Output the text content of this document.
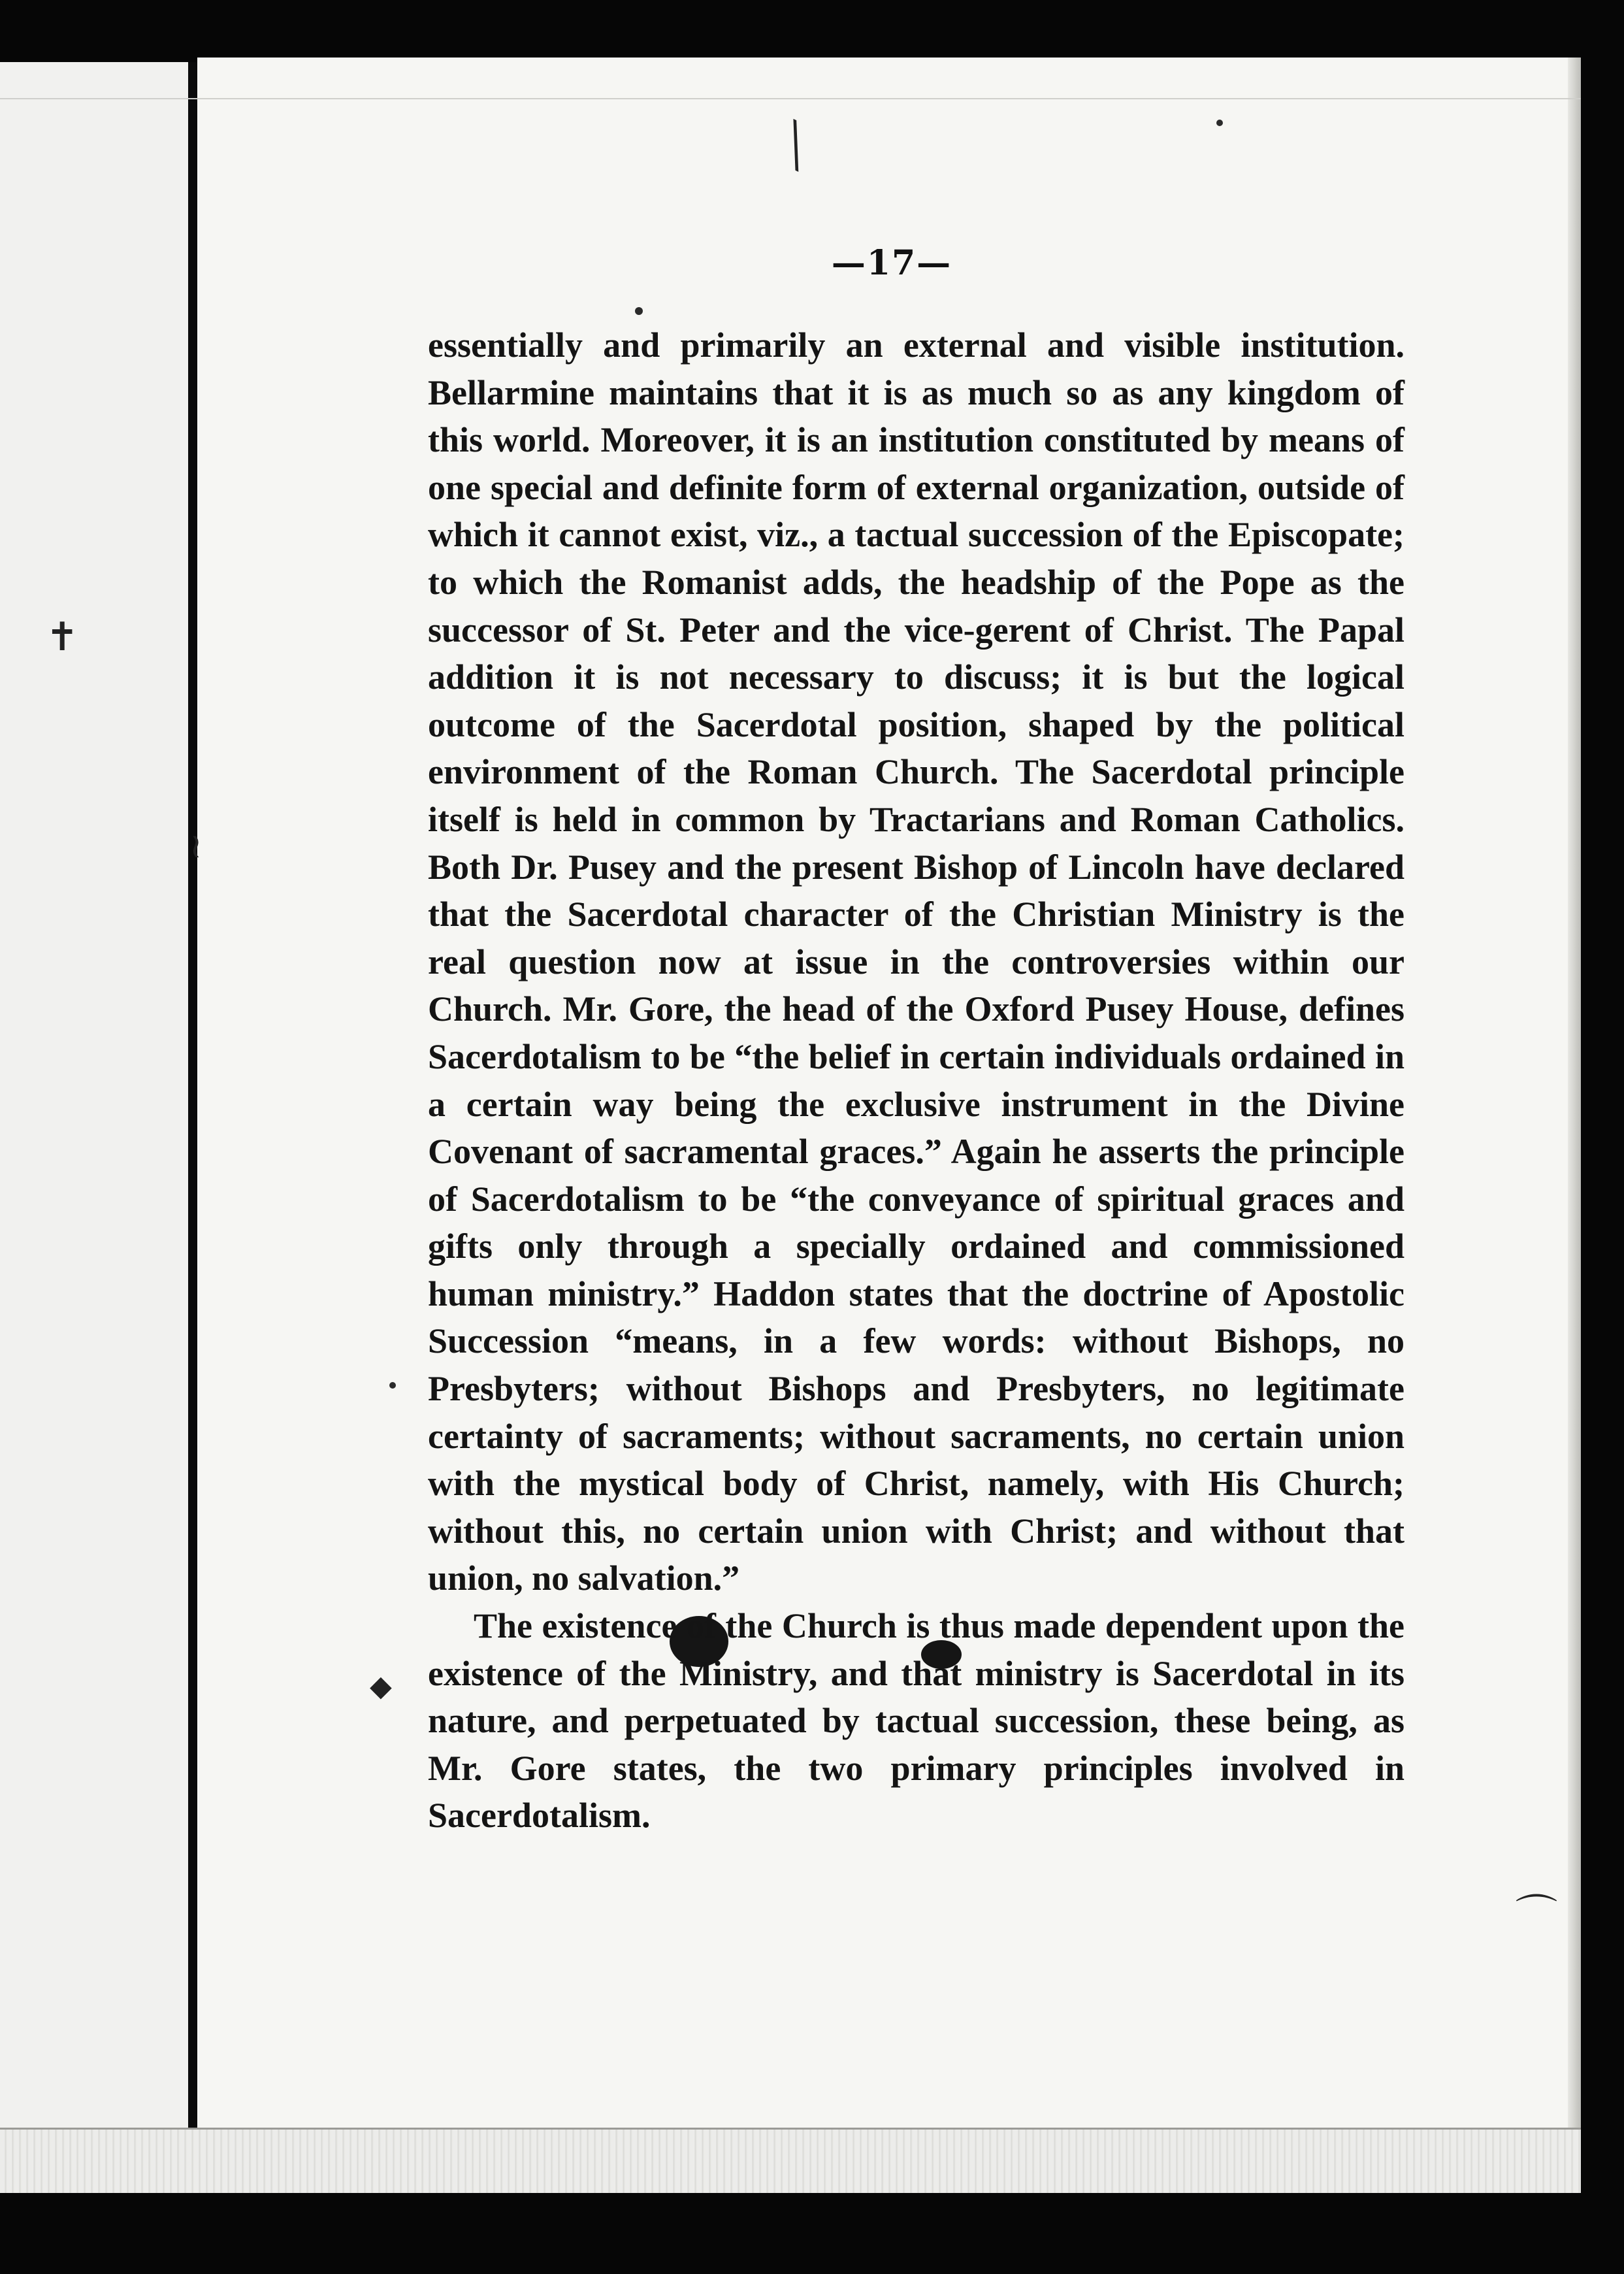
╲
✝
≀
◆
⌒
—17—

essentially and primarily an external and visible institution. Bellarmine maintains that it is as much so as any kingdom of this world. Moreover, it is an institution constituted by means of one special and definite form of external organization, outside of which it cannot exist, viz., a tactual succession of the Episcopate; to which the Romanist adds, the headship of the Pope as the successor of St. Peter and the vice-gerent of Christ. The Papal addition it is not necessary to discuss; it is but the logical outcome of the Sacerdotal position, shaped by the political environment of the Roman Church. The Sacerdotal principle itself is held in common by Tractarians and Roman Catholics. Both Dr. Pusey and the present Bishop of Lincoln have declared that the Sacerdotal character of the Christian Ministry is the real question now at issue in the controversies within our Church. Mr. Gore, the head of the Oxford Pusey House, defines Sacerdotalism to be “the belief in certain individuals ordained in a certain way being the exclusive instrument in the Divine Covenant of sacramental graces.” Again he asserts the principle of Sacerdotalism to be “the conveyance of spiritual graces and gifts only through a specially ordained and commissioned human ministry.” Haddon states that the doctrine of Apostolic Succession “means, in a few words: without Bishops, no Presbyters; without Bishops and Presbyters, no legitimate certainty of sacraments; without sacraments, no certain union with the mystical body of Christ, namely, with His Church; without this, no certain union with Christ; and without that union, no salvation.”

The existence of the Church is thus made dependent upon the existence of the Ministry, and that ministry is Sacerdotal in its nature, and perpetuated by tactual succession, these being, as Mr. Gore states, the two primary principles involved in Sacerdotalism.
